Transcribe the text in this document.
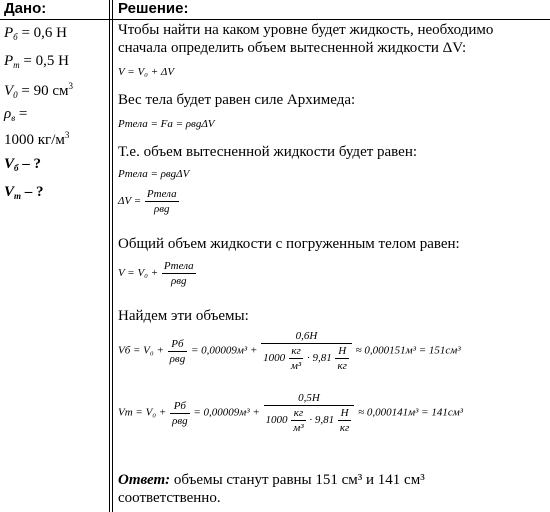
Дано:
$P_б = 0,6$ Н
$P_m = 0,5$ Н
$V_0 = 90$ $см^3$
$\rho_в$ =
1000 $кг/м^3$
$V_б$ – ?
$V_m$ – ?
Решение:
Чтобы найти на каком уровне будет жидкость, необходимо
сначала определить объем вытесненной жидкости ΔV:
V = V₀ + ΔV
Вес тела будет равен силе Архимеда:
Pтела = Fa = ρвgΔV
Т.е. объем вытесненной жидкости будет равен:
Pтела = ρвgΔV
$\Delta V = \frac{\text{Pтела}}{\text{ρвg}}$
Общий объем жидкости с погруженным телом равен:
$V = V_0 + \frac{\text{Pтела}}{\text{ρвg}}$
Найдем эти объемы:
Vб = $V_0 + \frac{Pб}{\text{ρвg}} = 0,00009м^3 + \frac{0,6Н}{1000 \frac{кг}{\text{м³}} \cdot 9,81 \frac{Н}{кг}} \approx 0,000151м^3 = 151см^3$
$Vm = V_0 + \frac{Pб}{\text{ρвg}} = 0,00009м^3 + \frac{0,5Н}{1000 \frac{кг}{\text{м³}} \cdot 9,81 \frac{Н}{кг}} \approx 0,000141м^3 = 141см^3$
Ответ: объемы станут равны 151 см³ и 141 см³
соответственно.
